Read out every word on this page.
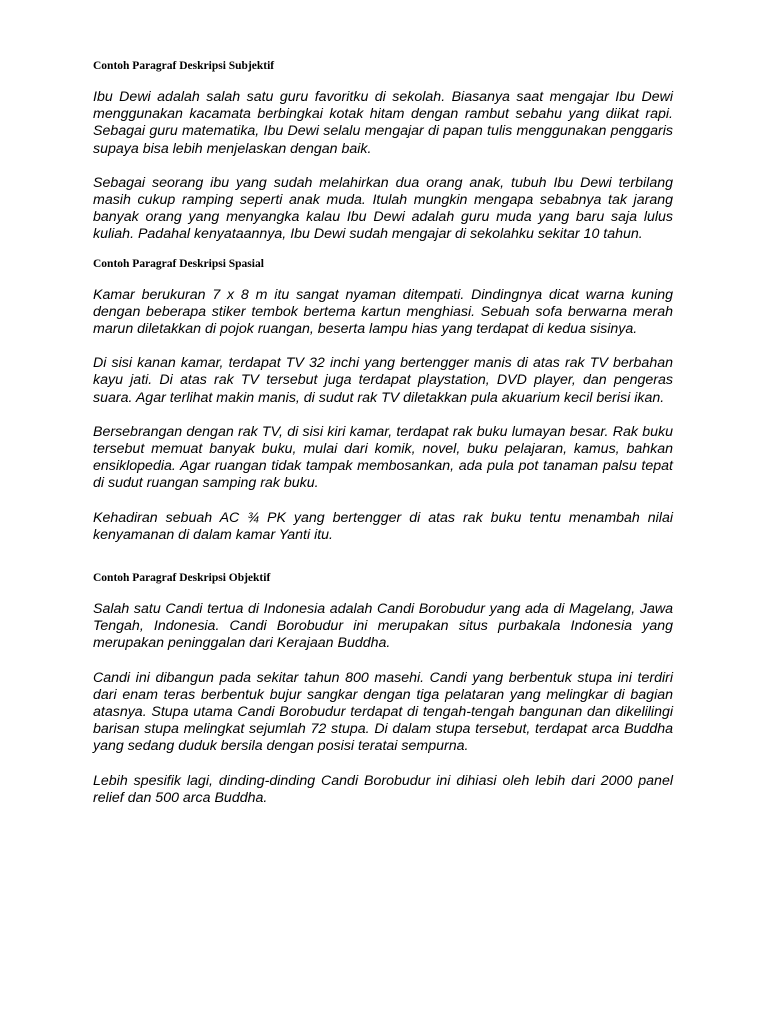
Contoh Paragraf Deskripsi Subjektif

Ibu Dewi adalah salah satu guru favoritku di sekolah. Biasanya saat mengajar Ibu Dewi menggunakan kacamata berbingkai kotak hitam dengan rambut sebahu yang diikat rapi. Sebagai guru matematika, Ibu Dewi selalu mengajar di papan tulis menggunakan penggaris supaya bisa lebih menjelaskan dengan baik.

Sebagai seorang ibu yang sudah melahirkan dua orang anak, tubuh Ibu Dewi terbilang masih cukup ramping seperti anak muda. Itulah mungkin mengapa sebabnya tak jarang banyak orang yang menyangka kalau Ibu Dewi adalah guru muda yang baru saja lulus kuliah. Padahal kenyataannya, Ibu Dewi sudah mengajar di sekolahku sekitar 10 tahun.

Contoh Paragraf Deskripsi Spasial

Kamar berukuran 7 x 8 m itu sangat nyaman ditempati. Dindingnya dicat warna kuning dengan beberapa stiker tembok bertema kartun menghiasi. Sebuah sofa berwarna merah marun diletakkan di pojok ruangan, beserta lampu hias yang terdapat di kedua sisinya.

Di sisi kanan kamar, terdapat TV 32 inchi yang bertengger manis di atas rak TV berbahan kayu jati. Di atas rak TV tersebut juga terdapat playstation, DVD player, dan pengeras suara. Agar terlihat makin manis, di sudut rak TV diletakkan pula akuarium kecil berisi ikan.

Bersebrangan dengan rak TV, di sisi kiri kamar, terdapat rak buku lumayan besar. Rak buku tersebut memuat banyak buku, mulai dari komik, novel, buku pelajaran, kamus, bahkan ensiklopedia. Agar ruangan tidak tampak membosankan, ada pula pot tanaman palsu tepat di sudut ruangan samping rak buku.

Kehadiran sebuah AC ¾ PK yang bertengger di atas rak buku tentu menambah nilai kenyamanan di dalam kamar Yanti itu.

Contoh Paragraf Deskripsi Objektif

Salah satu Candi tertua di Indonesia adalah Candi Borobudur yang ada di Magelang, Jawa Tengah, Indonesia. Candi Borobudur ini merupakan situs purbakala Indonesia yang merupakan peninggalan dari Kerajaan Buddha.

Candi ini dibangun pada sekitar tahun 800 masehi. Candi yang berbentuk stupa ini terdiri dari enam teras berbentuk bujur sangkar dengan tiga pelataran yang melingkar di bagian atasnya. Stupa utama Candi Borobudur terdapat di tengah-tengah bangunan dan dikelilingi barisan stupa melingkat sejumlah 72 stupa. Di dalam stupa tersebut, terdapat arca Buddha yang sedang duduk bersila dengan posisi teratai sempurna.

Lebih spesifik lagi, dinding-dinding Candi Borobudur ini dihiasi oleh lebih dari 2000 panel relief dan 500 arca Buddha.
